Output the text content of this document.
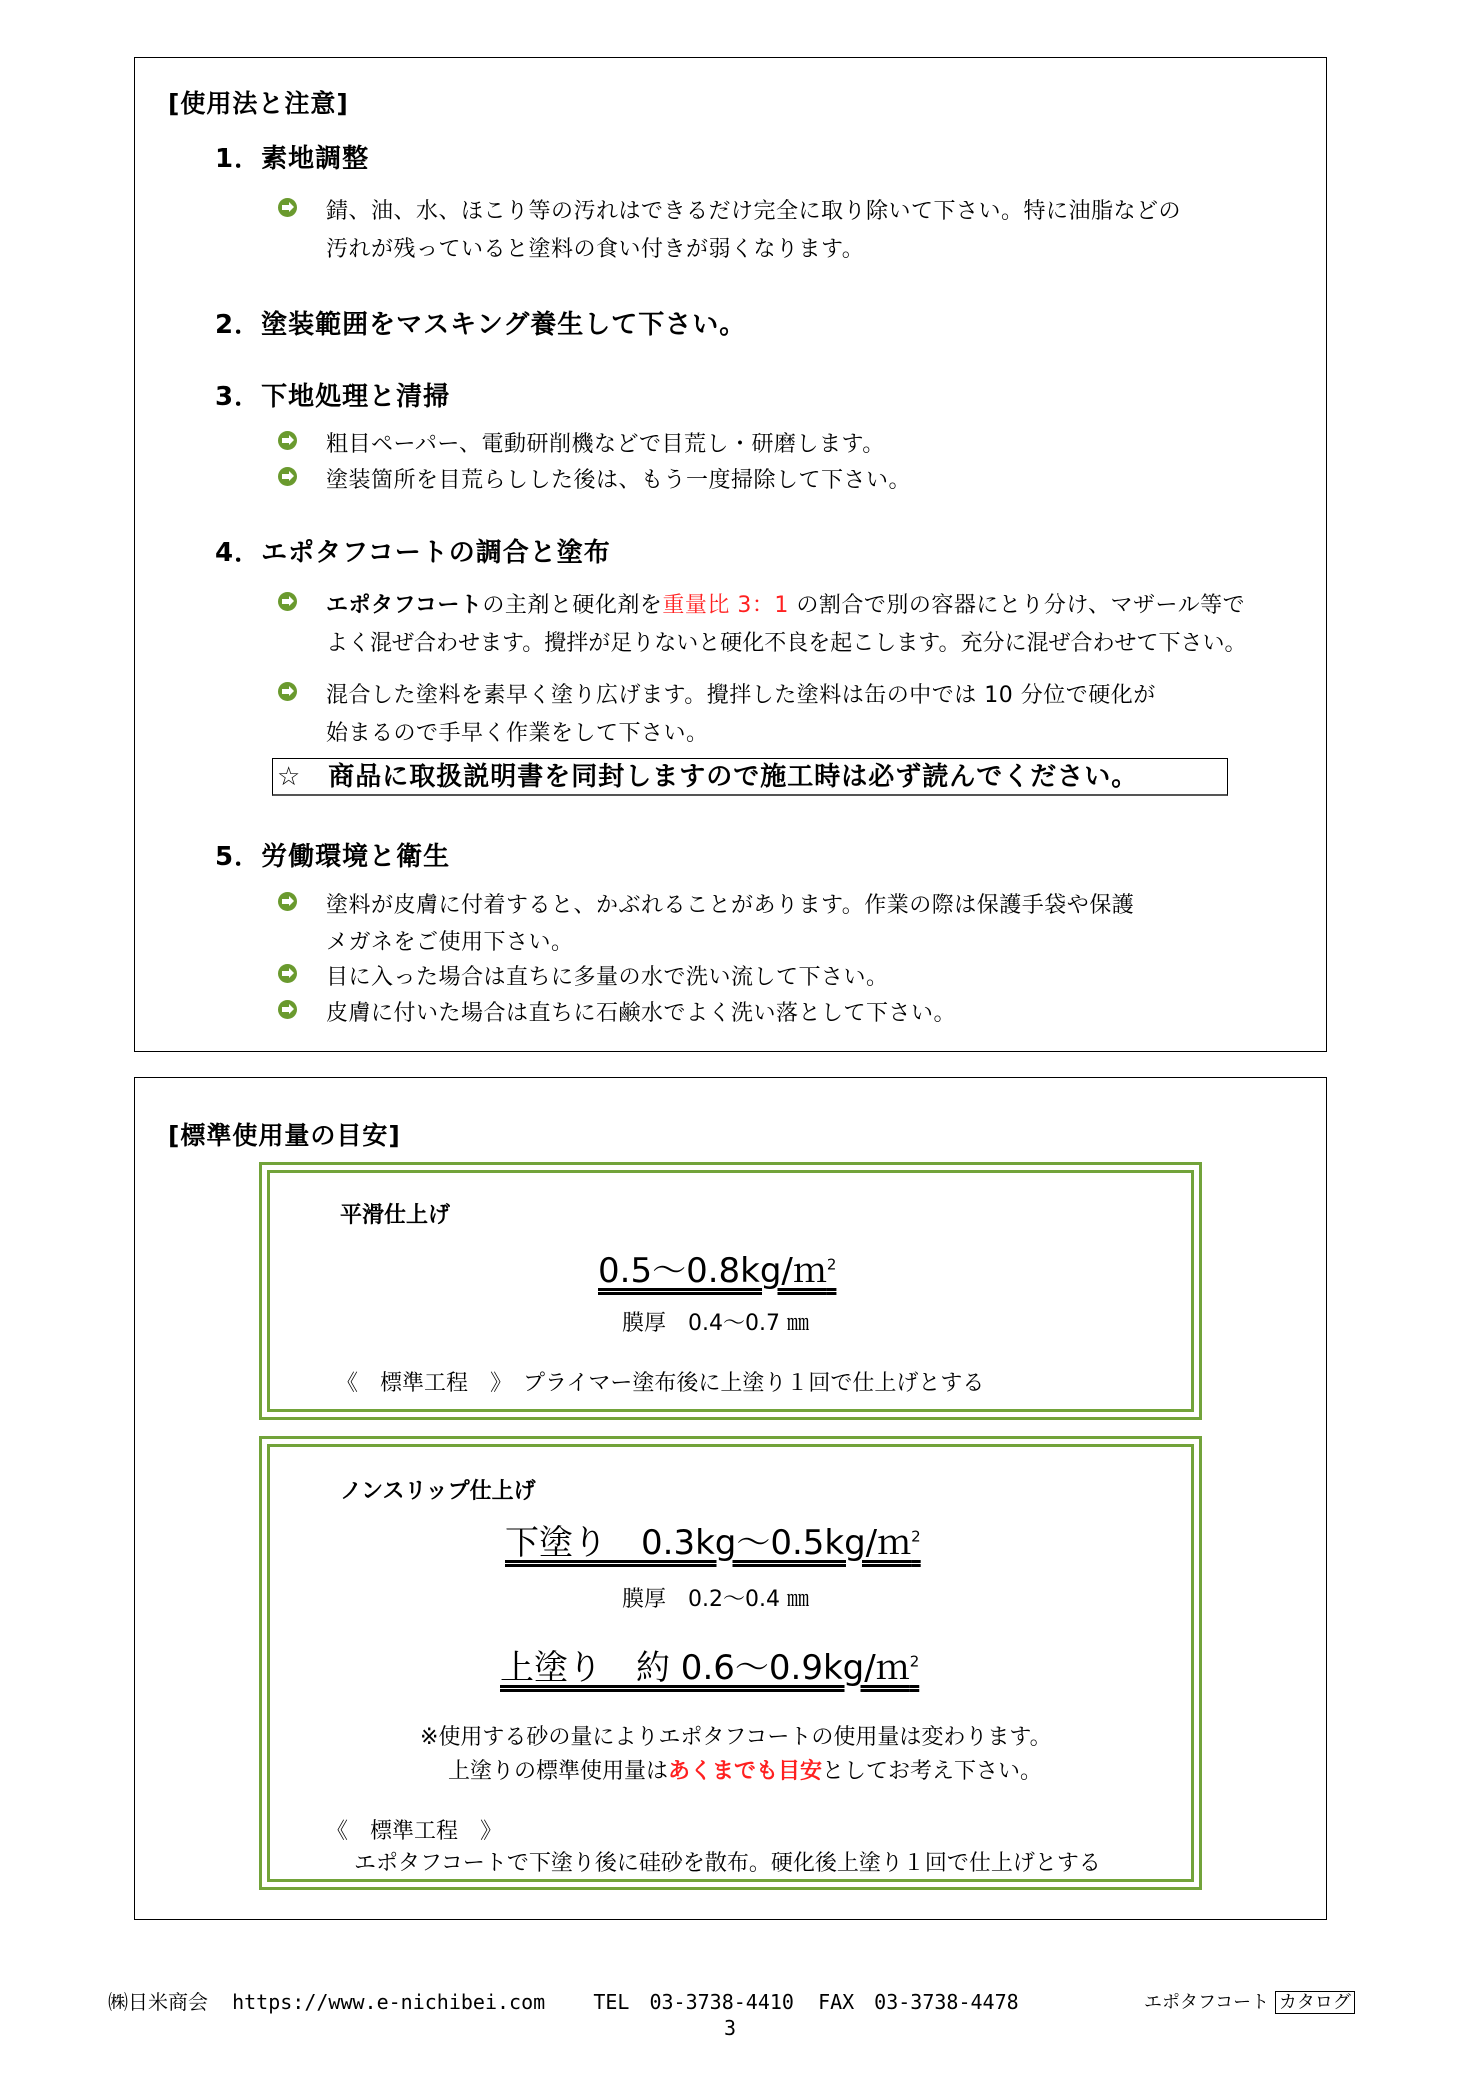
[使用法と注意]
1．素地調整
錆、油、水、ほこり等の汚れはできるだけ完全に取り除いて下さい。特に油脂などの
汚れが残っていると塗料の食い付きが弱くなります。
2．塗装範囲をマスキング養生して下さい。
3．下地処理と清掃
粗目ペーパー、電動研削機などで目荒し・研磨します。
塗装箇所を目荒らしした後は、もう一度掃除して下さい。
4．エポタフコートの調合と塗布
エポタフコートの主剤と硬化剤を重量比 3：1 の割合で別の容器にとり分け、マザール等で
よく混ぜ合わせます。攪拌が足りないと硬化不良を起こします。充分に混ぜ合わせて下さい。
混合した塗料を素早く塗り広げます。攪拌した塗料は缶の中では 10 分位で硬化が
始まるので手早く作業をして下さい。
☆　商品に取扱説明書を同封しますので施工時は必ず読んでください。
5．労働環境と衛生
塗料が皮膚に付着すると、かぶれることがあります。作業の際は保護手袋や保護
メガネをご使用下さい。
目に入った場合は直ちに多量の水で洗い流して下さい。
皮膚に付いた場合は直ちに石鹸水でよく洗い落として下さい。
[標準使用量の目安]
平滑仕上げ
0.5～0.8kg/ｍ$^2$
膜厚　0.4～0.7 ㎜
《　標準工程　》　プライマー塗布後に上塗り１回で仕上げとする
ノンスリップ仕上げ
下塗り　0.3kg～0.5kg/ｍ$^2$
膜厚　0.2～0.4 ㎜
上塗り　約 0.6～0.9kg/ｍ$^2$
※使用する砂の量によりエポタフコートの使用量は変わります。
上塗りの標準使用量はあくまでも目安としてお考え下さい。
《　標準工程　》
エポタフコートで下塗り後に硅砂を散布。硬化後上塗り１回で仕上げとする
㈱日米商会 https://www.e-nichibei.com TEL　03-3738-4410 FAX　03-3738-4478	エポタフコート カタログ
3
